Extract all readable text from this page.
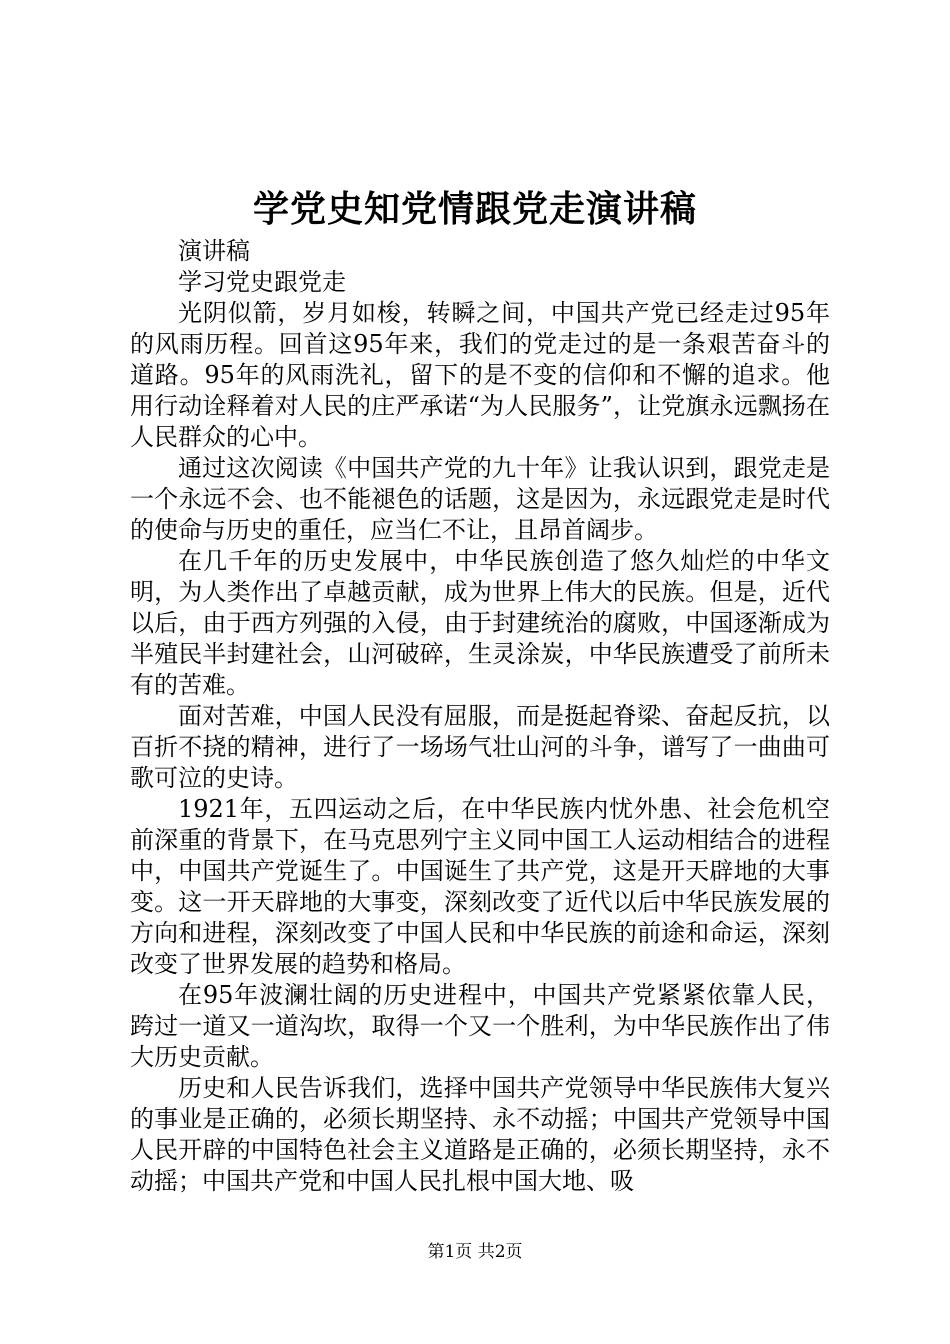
学党史知党情跟党走演讲稿

演讲稿

学习党史跟党走

光阴似箭，岁月如梭，转瞬之间，中国共产党已经走过95年的风雨历程。回首这95年来，我们的党走过的是一条艰苦奋斗的道路。95年的风雨洗礼，留下的是不变的信仰和不懈的追求。他用行动诠释着对人民的庄严承诺“为人民服务”，让党旗永远飘扬在人民群众的心中。

通过这次阅读《中国共产党的九十年》让我认识到，跟党走是一个永远不会、也不能褪色的话题，这是因为，永远跟党走是时代的使命与历史的重任，应当仁不让，且昂首阔步。

在几千年的历史发展中，中华民族创造了悠久灿烂的中华文明，为人类作出了卓越贡献，成为世界上伟大的民族。但是，近代以后，由于西方列强的入侵，由于封建统治的腐败，中国逐渐成为半殖民半封建社会，山河破碎，生灵涂炭，中华民族遭受了前所未有的苦难。

面对苦难，中国人民没有屈服，而是挺起脊梁、奋起反抗，以百折不挠的精神，进行了一场场气壮山河的斗争，谱写了一曲曲可歌可泣的史诗。

1921年，五四运动之后，在中华民族内忧外患、社会危机空前深重的背景下，在马克思列宁主义同中国工人运动相结合的进程中，中国共产党诞生了。中国诞生了共产党，这是开天辟地的大事变。这一开天辟地的大事变，深刻改变了近代以后中华民族发展的方向和进程，深刻改变了中国人民和中华民族的前途和命运，深刻改变了世界发展的趋势和格局。

在95年波澜壮阔的历史进程中，中国共产党紧紧依靠人民，跨过一道又一道沟坎，取得一个又一个胜利，为中华民族作出了伟大历史贡献。

历史和人民告诉我们，选择中国共产党领导中华民族伟大复兴的事业是正确的，必须长期坚持、永不动摇；中国共产党领导中国人民开辟的中国特色社会主义道路是正确的，必须长期坚持，永不动摇；中国共产党和中国人民扎根中国大地、吸

第1页 共2页
